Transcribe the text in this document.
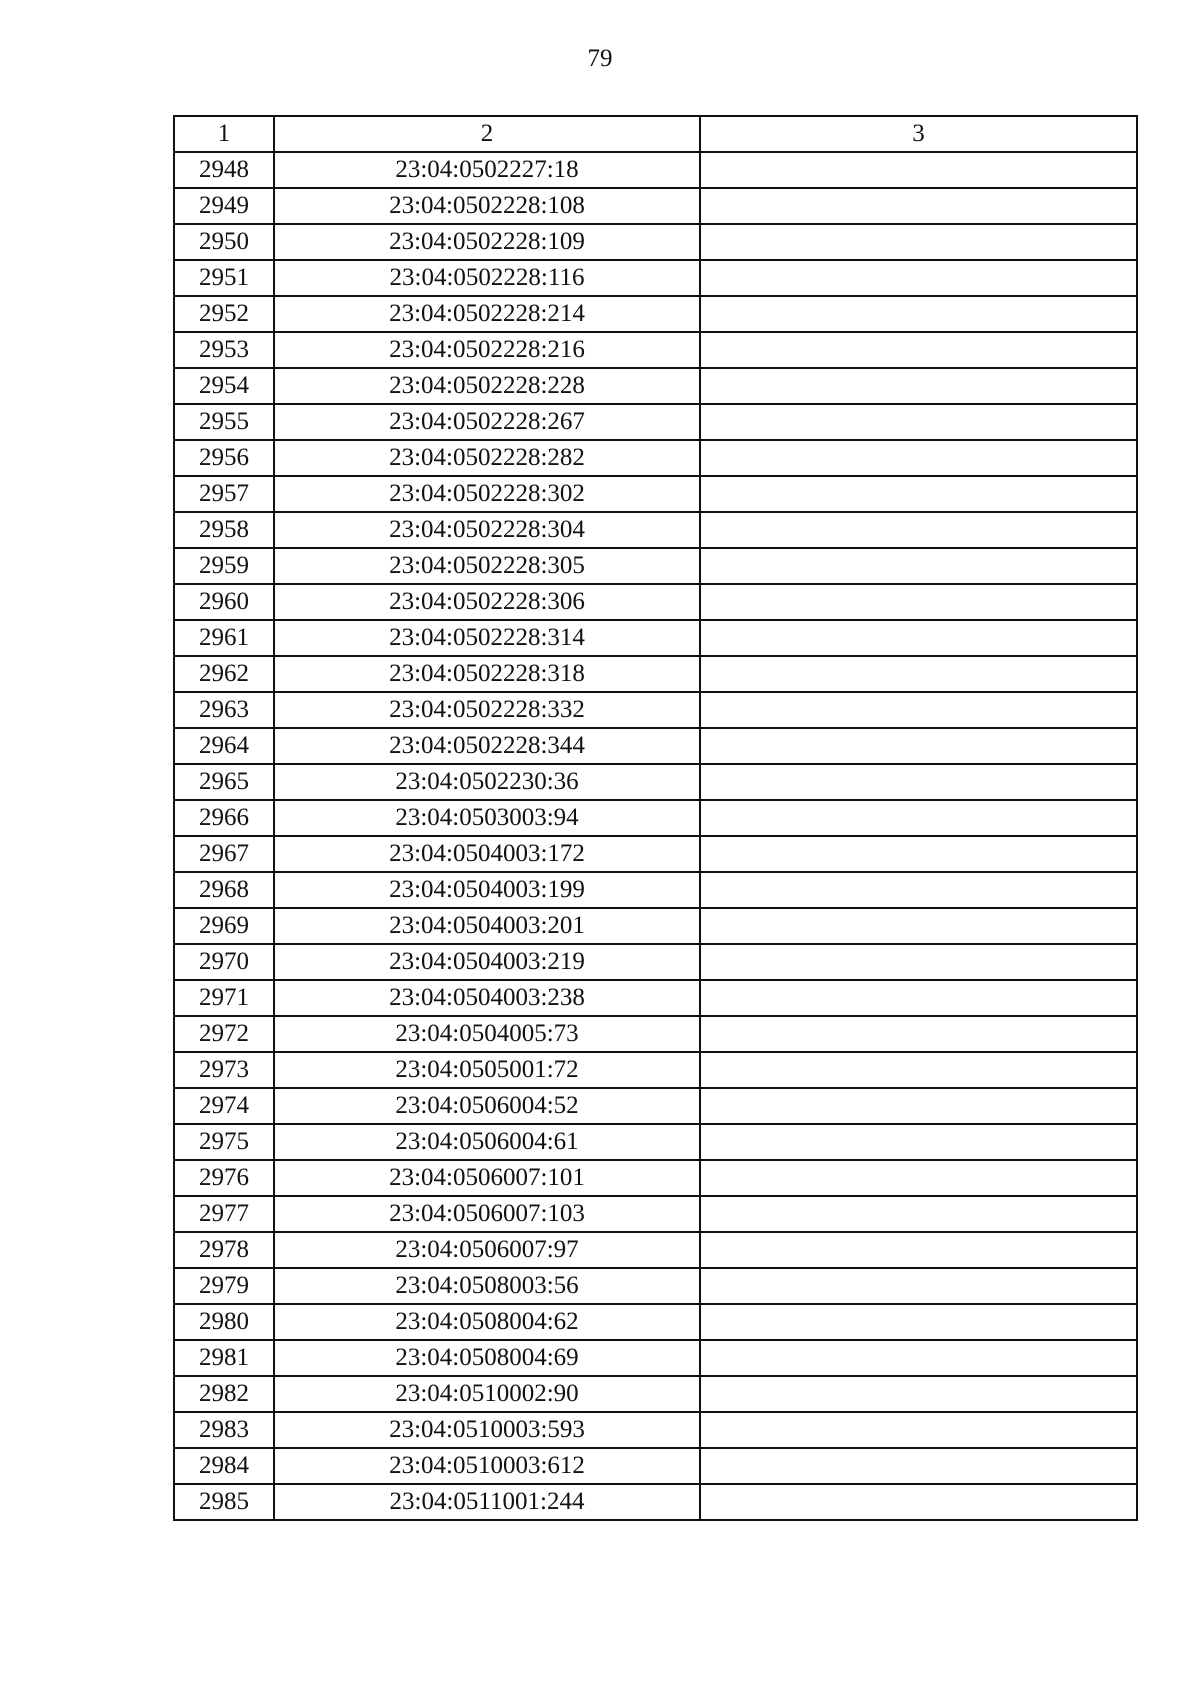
79
1	2	3
2948	23:04:0502227:18	
2949	23:04:0502228:108	
2950	23:04:0502228:109	
2951	23:04:0502228:116	
2952	23:04:0502228:214	
2953	23:04:0502228:216	
2954	23:04:0502228:228	
2955	23:04:0502228:267	
2956	23:04:0502228:282	
2957	23:04:0502228:302	
2958	23:04:0502228:304	
2959	23:04:0502228:305	
2960	23:04:0502228:306	
2961	23:04:0502228:314	
2962	23:04:0502228:318	
2963	23:04:0502228:332	
2964	23:04:0502228:344	
2965	23:04:0502230:36	
2966	23:04:0503003:94	
2967	23:04:0504003:172	
2968	23:04:0504003:199	
2969	23:04:0504003:201	
2970	23:04:0504003:219	
2971	23:04:0504003:238	
2972	23:04:0504005:73	
2973	23:04:0505001:72	
2974	23:04:0506004:52	
2975	23:04:0506004:61	
2976	23:04:0506007:101	
2977	23:04:0506007:103	
2978	23:04:0506007:97	
2979	23:04:0508003:56	
2980	23:04:0508004:62	
2981	23:04:0508004:69	
2982	23:04:0510002:90	
2983	23:04:0510003:593	
2984	23:04:0510003:612	
2985	23:04:0511001:244	
